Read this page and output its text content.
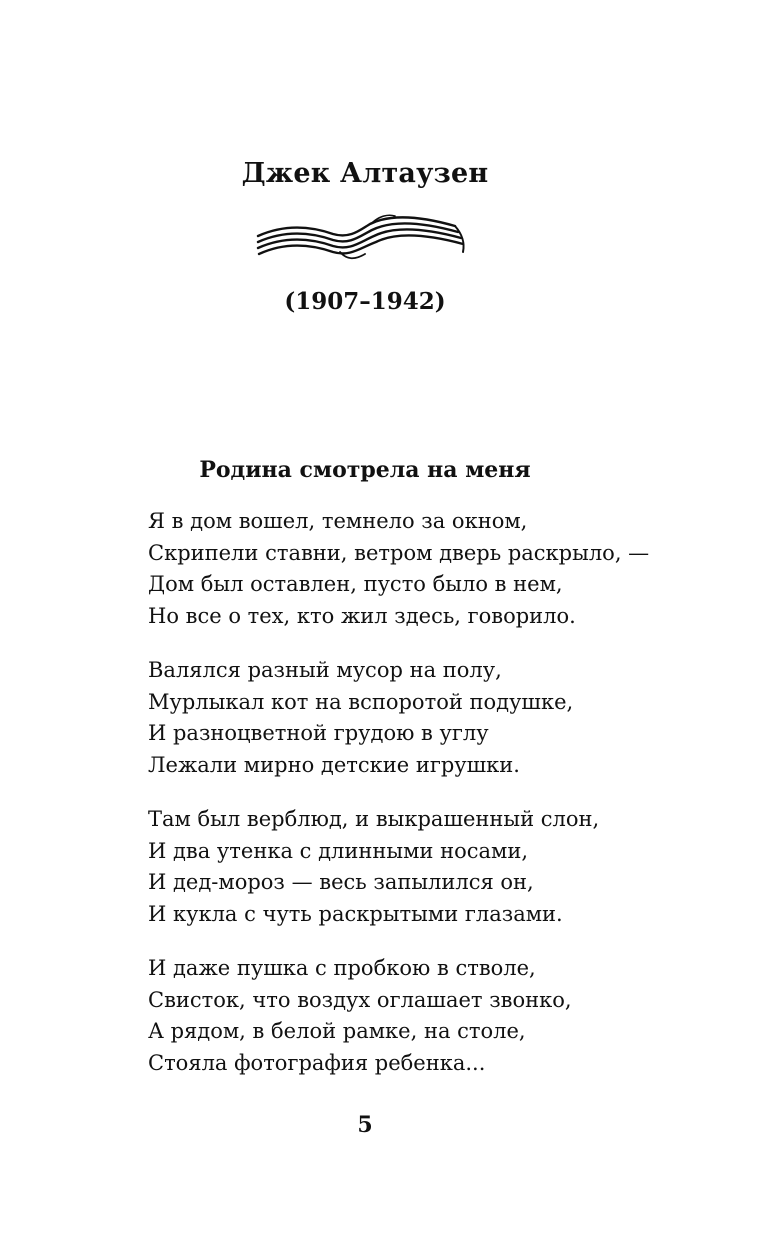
Джек Алтаузен
(1907–1942)
Родина смотрела на меня
Я в дом вошел, темнело за окном,
Скрипели ставни, ветром дверь раскрыло, —
Дом был оставлен, пусто было в нем,
Но все о тех, кто жил здесь, говорило.
Валялся разный мусор на полу,
Мурлыкал кот на вспоротой подушке,
И разноцветной грудою в углу
Лежали мирно детские игрушки.
Там был верблюд, и выкрашенный слон,
И два утенка с длинными носами,
И дед-мороз — весь запылился он,
И кукла с чуть раскрытыми глазами.
И даже пушка с пробкою в стволе,
Свисток, что воздух оглашает звонко,
А рядом, в белой рамке, на столе,
Стояла фотография ребенка...
5
